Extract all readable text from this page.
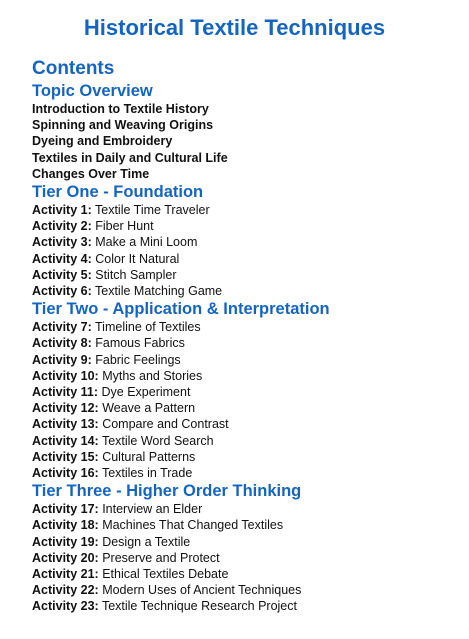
Historical Textile Techniques
Contents
Topic Overview
Introduction to Textile History
Spinning and Weaving Origins
Dyeing and Embroidery
Textiles in Daily and Cultural Life
Changes Over Time
Tier One - Foundation
Activity 1: Textile Time Traveler
Activity 2: Fiber Hunt
Activity 3: Make a Mini Loom
Activity 4: Color It Natural
Activity 5: Stitch Sampler
Activity 6: Textile Matching Game
Tier Two - Application & Interpretation
Activity 7: Timeline of Textiles
Activity 8: Famous Fabrics
Activity 9: Fabric Feelings
Activity 10: Myths and Stories
Activity 11: Dye Experiment
Activity 12: Weave a Pattern
Activity 13: Compare and Contrast
Activity 14: Textile Word Search
Activity 15: Cultural Patterns
Activity 16: Textiles in Trade
Tier Three - Higher Order Thinking
Activity 17: Interview an Elder
Activity 18: Machines That Changed Textiles
Activity 19: Design a Textile
Activity 20: Preserve and Protect
Activity 21: Ethical Textiles Debate
Activity 22: Modern Uses of Ancient Techniques
Activity 23: Textile Technique Research Project
